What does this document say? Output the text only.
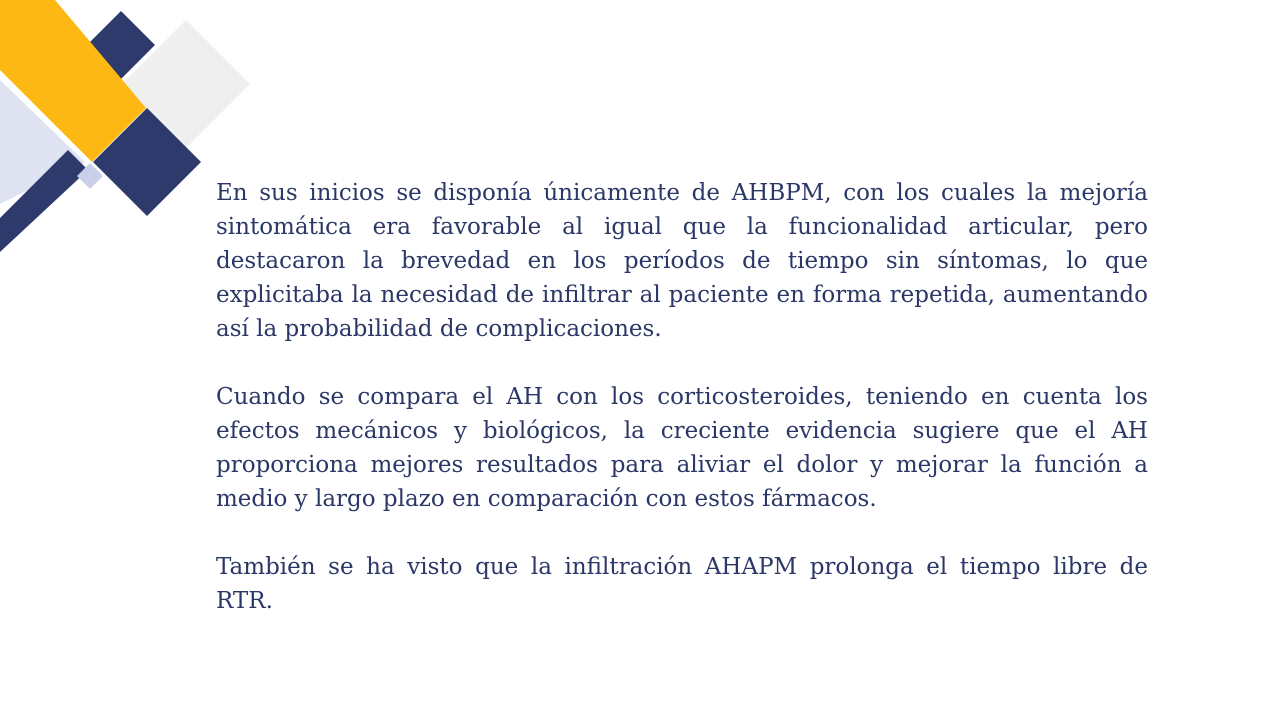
En sus inicios se disponía únicamente de AHBPM, con los cuales la mejoría sintomática era favorable al igual que la funcionalidad articular, pero destacaron la brevedad en los períodos de tiempo sin síntomas, lo que explicitaba la necesidad de infiltrar al paciente en forma repetida, aumentando así la probabilidad de complicaciones.

Cuando se compara el AH con los corticosteroides, teniendo en cuenta los efectos mecánicos y biológicos, la creciente evidencia sugiere que el AH proporciona mejores resultados para aliviar el dolor y mejorar la función a medio y largo plazo en comparación con estos fármacos.

También se ha visto que la infiltración AHAPM prolonga el tiempo libre de RTR.
